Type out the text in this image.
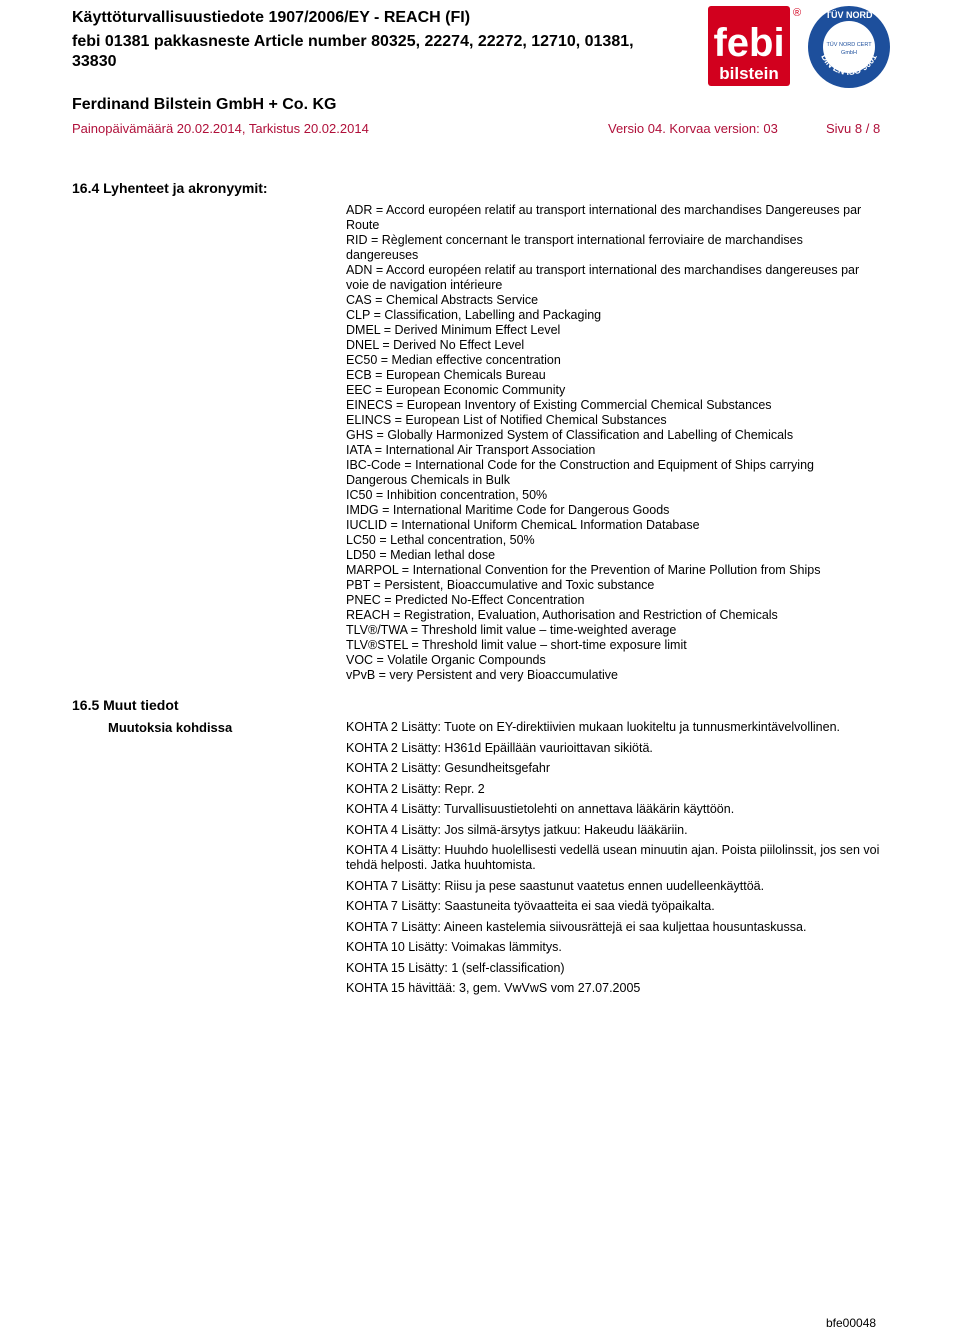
Käyttöturvallisuustiedote 1907/2006/EY - REACH (FI)
febi 01381 pakkasneste Article number 80325, 22274, 22272, 12710, 01381,
33830
Ferdinand Bilstein GmbH + Co. KG
Painopäivämäärä 20.02.2014, Tarkistus 20.02.2014	Versio 04. Korvaa version: 03	Sivu 8 / 8
febi
bilstein
®	TÜV NORD
TÜV NORD CERT
GmbH
DIN EN ISO 9001
16.4 Lyhenteet ja akronyymit:
ADR = Accord européen relatif au transport international des marchandises Dangereuses par
Route
RID = Règlement concernant le transport international ferroviaire de marchandises
dangereuses
ADN = Accord européen relatif au transport international des marchandises dangereuses par
voie de navigation intérieure
CAS = Chemical Abstracts Service
CLP = Classification, Labelling and Packaging
DMEL = Derived Minimum Effect Level
DNEL = Derived No Effect Level
EC50 = Median effective concentration
ECB = European Chemicals Bureau
EEC = European Economic Community
EINECS = European Inventory of Existing Commercial Chemical Substances
ELINCS = European List of Notified Chemical Substances
GHS = Globally Harmonized System of Classification and Labelling of Chemicals
IATA = International Air Transport Association
IBC-Code = International Code for the Construction and Equipment of Ships carrying
Dangerous Chemicals in Bulk
IC50 = Inhibition concentration, 50%
IMDG = International Maritime Code for Dangerous Goods
IUCLID = International Uniform ChemicaL Information Database
LC50 = Lethal concentration, 50%
LD50 = Median lethal dose
MARPOL = International Convention for the Prevention of Marine Pollution from Ships
PBT = Persistent, Bioaccumulative and Toxic substance
PNEC = Predicted No-Effect Concentration
REACH = Registration, Evaluation, Authorisation and Restriction of Chemicals
TLV®/TWA = Threshold limit value – time-weighted average
TLV®STEL = Threshold limit value – short-time exposure limit
VOC = Volatile Organic Compounds
vPvB = very Persistent and very Bioaccumulative
16.5 Muut tiedot
Muutoksia kohdissa	KOHTA 2 Lisätty: Tuote on EY-direktiivien mukaan luokiteltu ja tunnusmerkintävelvollinen.
KOHTA 2 Lisätty: H361d Epäillään vaurioittavan sikiötä.
KOHTA 2 Lisätty: Gesundheitsgefahr
KOHTA 2 Lisätty: Repr. 2
KOHTA 4 Lisätty: Turvallisuustietolehti on annettava lääkärin käyttöön.
KOHTA 4 Lisätty: Jos silmä-ärsytys jatkuu: Hakeudu lääkäriin.
KOHTA 4 Lisätty: Huuhdo huolellisesti vedellä usean minuutin ajan. Poista piilolinssit, jos sen voi tehdä helposti. Jatka huuhtomista.
KOHTA 7 Lisätty: Riisu ja pese saastunut vaatetus ennen uudelleenkäyttöä.
KOHTA 7 Lisätty: Saastuneita työvaatteita ei saa viedä työpaikalta.
KOHTA 7 Lisätty: Aineen kastelemia siivousrättejä ei saa kuljettaa housuntaskussa.
KOHTA 10 Lisätty: Voimakas lämmitys.
KOHTA 15 Lisätty: 1 (self-classification)
KOHTA 15 hävittää: 3, gem. VwVwS vom 27.07.2005
bfe00048
